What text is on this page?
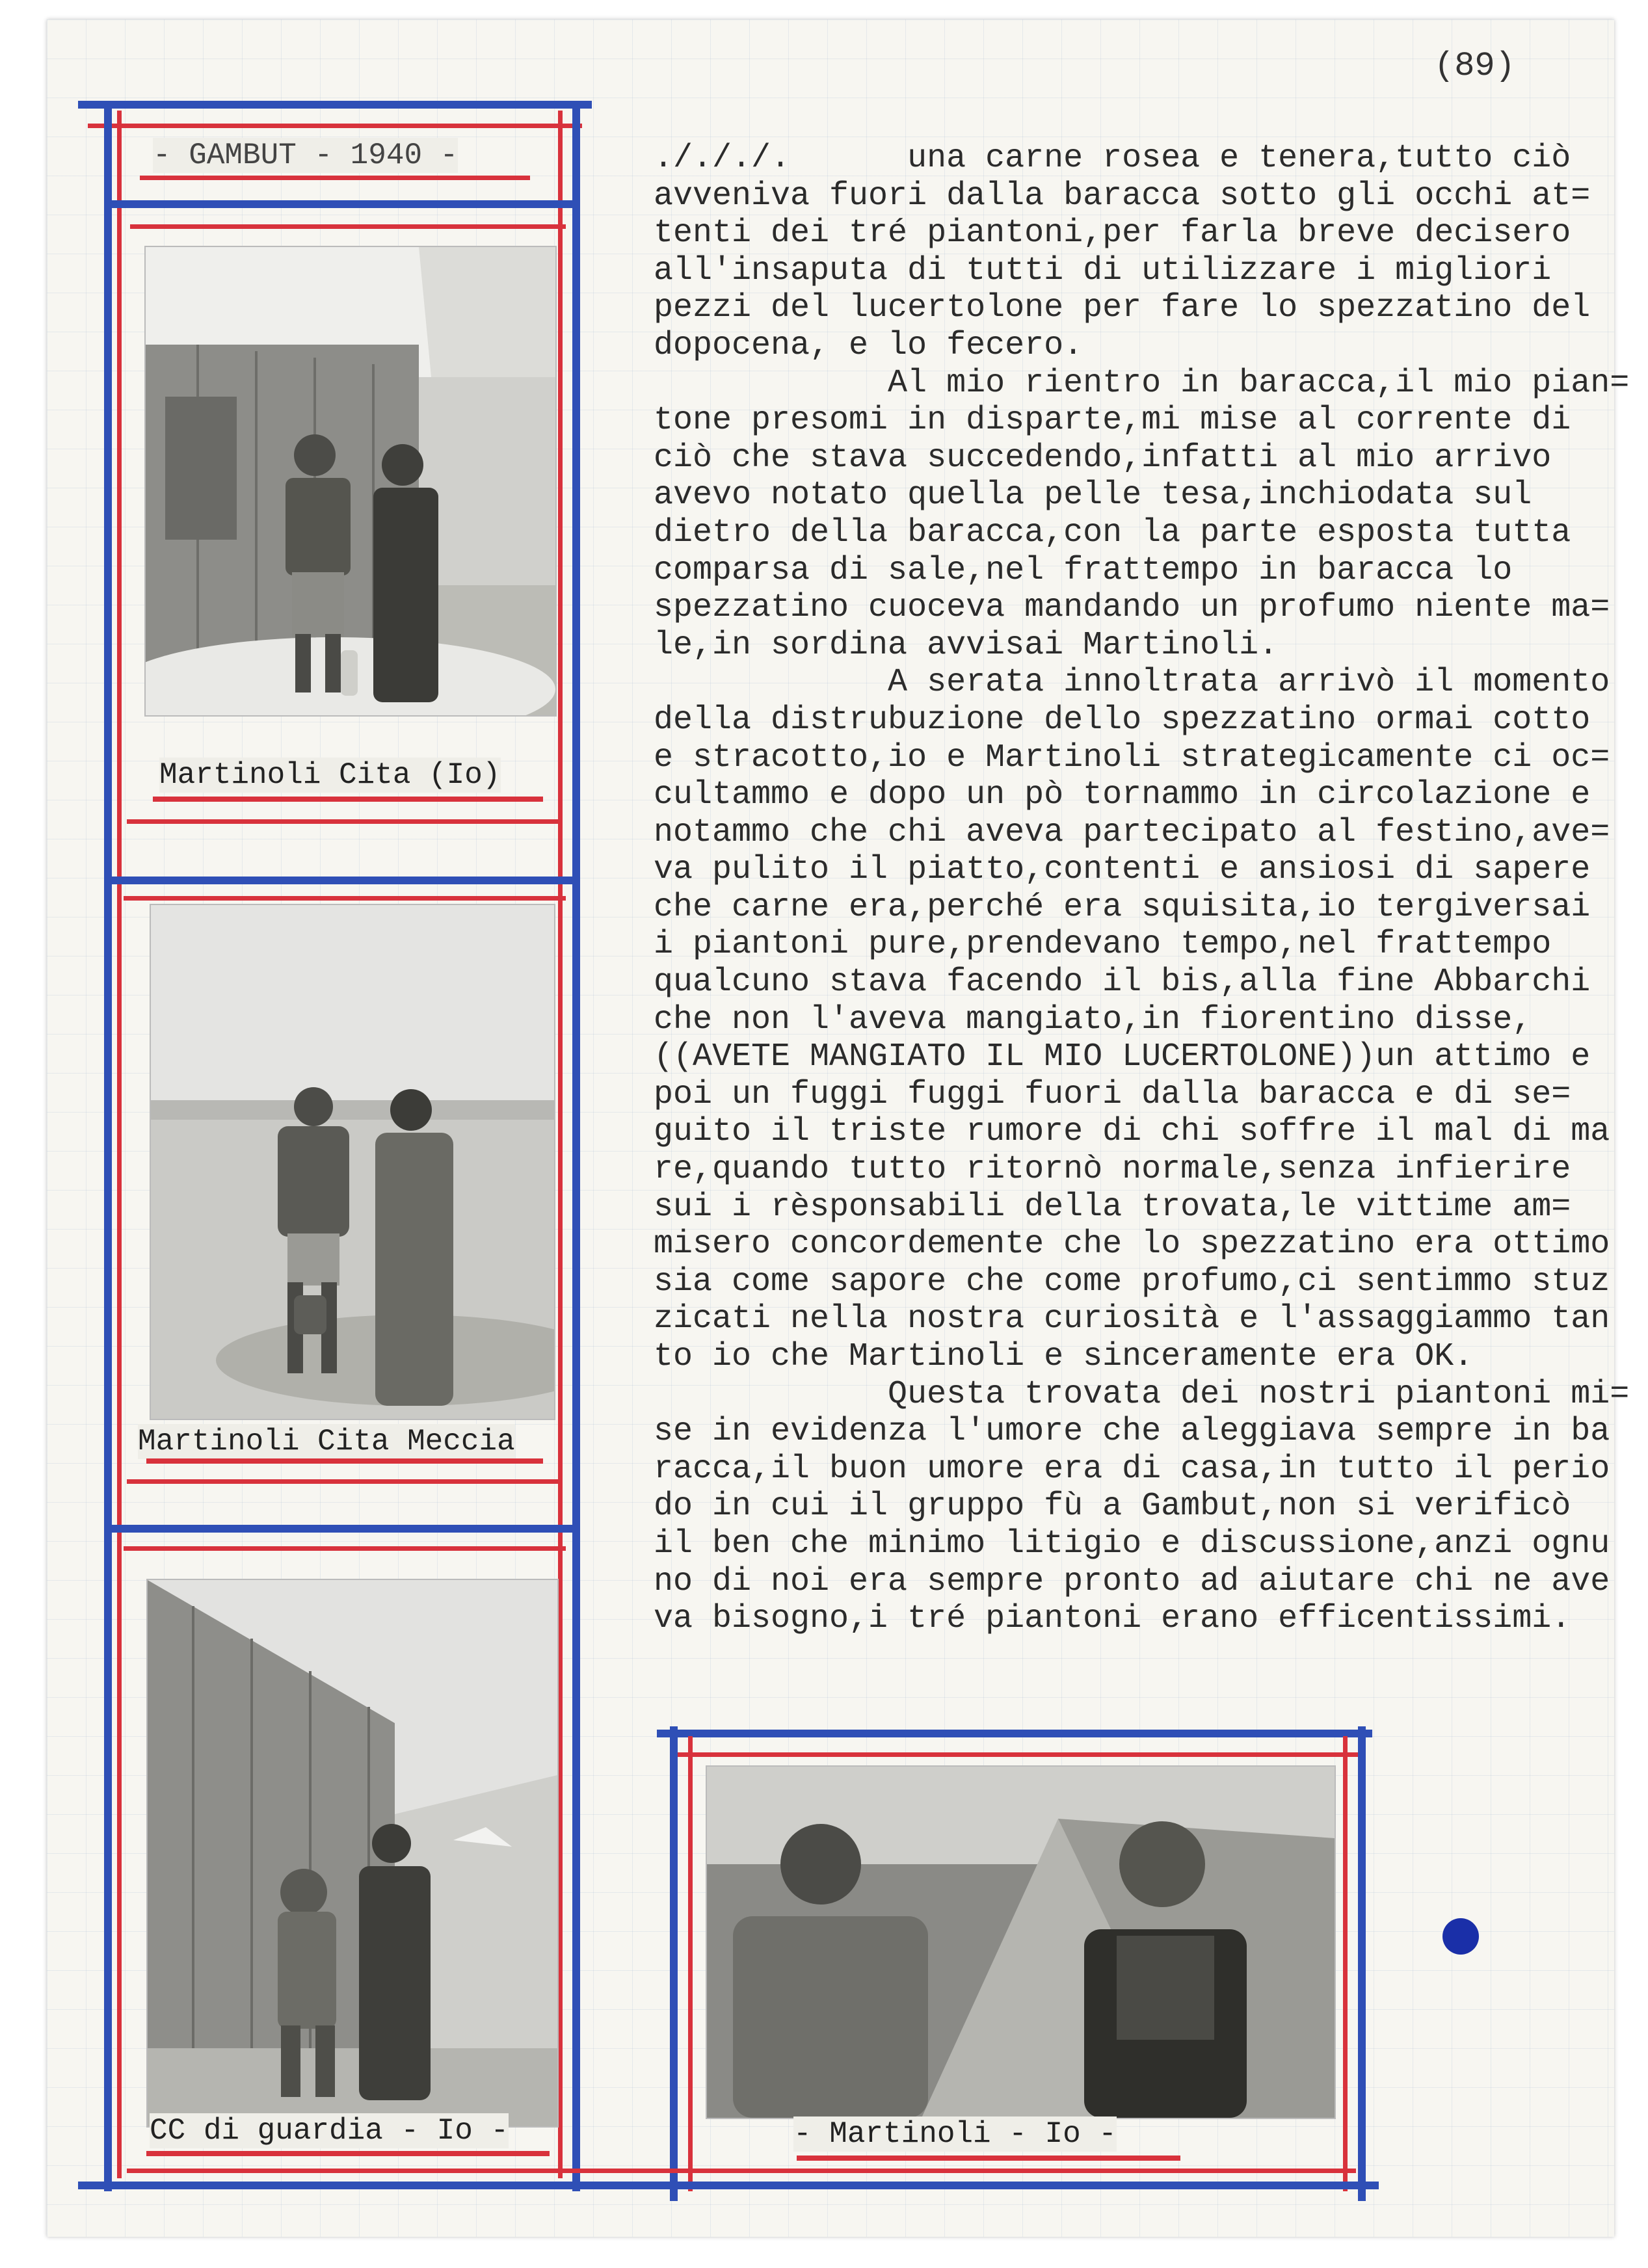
(89)
- GAMBUT - 1940 -
Martinoli Cita (Io)
Martinoli Cita Meccia
CC di guardia - Io -	- Martinoli - Io -
./././.      una carne rosea e tenera,tutto ciò
avveniva fuori dalla baracca sotto gli occhi at=
tenti dei tré piantoni,per farla breve decisero
all'insaputa di tutti di utilizzare i migliori
pezzi del lucertolone per fare lo spezzatino del
dopocena, e lo fecero.
Al mio rientro in baracca,il mio pian=
tone presomi in disparte,mi mise al corrente di
ciò che stava succedendo,infatti al mio arrivo
avevo notato quella pelle tesa,inchiodata sul
dietro della baracca,con la parte esposta tutta
comparsa di sale,nel frattempo in baracca lo
spezzatino cuoceva mandando un profumo niente ma=
le,in sordina avvisai Martinoli.
A serata innoltrata arrivò il momento
della distrubuzione dello spezzatino ormai cotto
e stracotto,io e Martinoli strategicamente ci oc=
cultammo e dopo un pò tornammo in circolazione e
notammo che chi aveva partecipato al festino,ave=
va pulito il piatto,contenti e ansiosi di sapere
che carne era,perché era squisita,io tergiversai
i piantoni pure,prendevano tempo,nel frattempo
qualcuno stava facendo il bis,alla fine Abbarchi
che non l'aveva mangiato,in fiorentino disse,
((AVETE MANGIATO IL MIO LUCERTOLONE))un attimo e
poi un fuggi fuggi fuori dalla baracca e di se=
guito il triste rumore di chi soffre il mal di ma
re,quando tutto ritornò normale,senza infierire
sui i rèsponsabili della trovata,le vittime am=
misero concordemente che lo spezzatino era ottimo
sia come sapore che come profumo,ci sentimmo stuz
zicati nella nostra curiosità e l'assaggiammo tan
to io che Martinoli e sinceramente era OK.
Questa trovata dei nostri piantoni mi=
se in evidenza l'umore che aleggiava sempre in ba
racca,il buon umore era di casa,in tutto il perio
do in cui il gruppo fù a Gambut,non si verificò
il ben che minimo litigio e discussione,anzi ognu
no di noi era sempre pronto ad aiutare chi ne ave
va bisogno,i tré piantoni erano efficentissimi.
